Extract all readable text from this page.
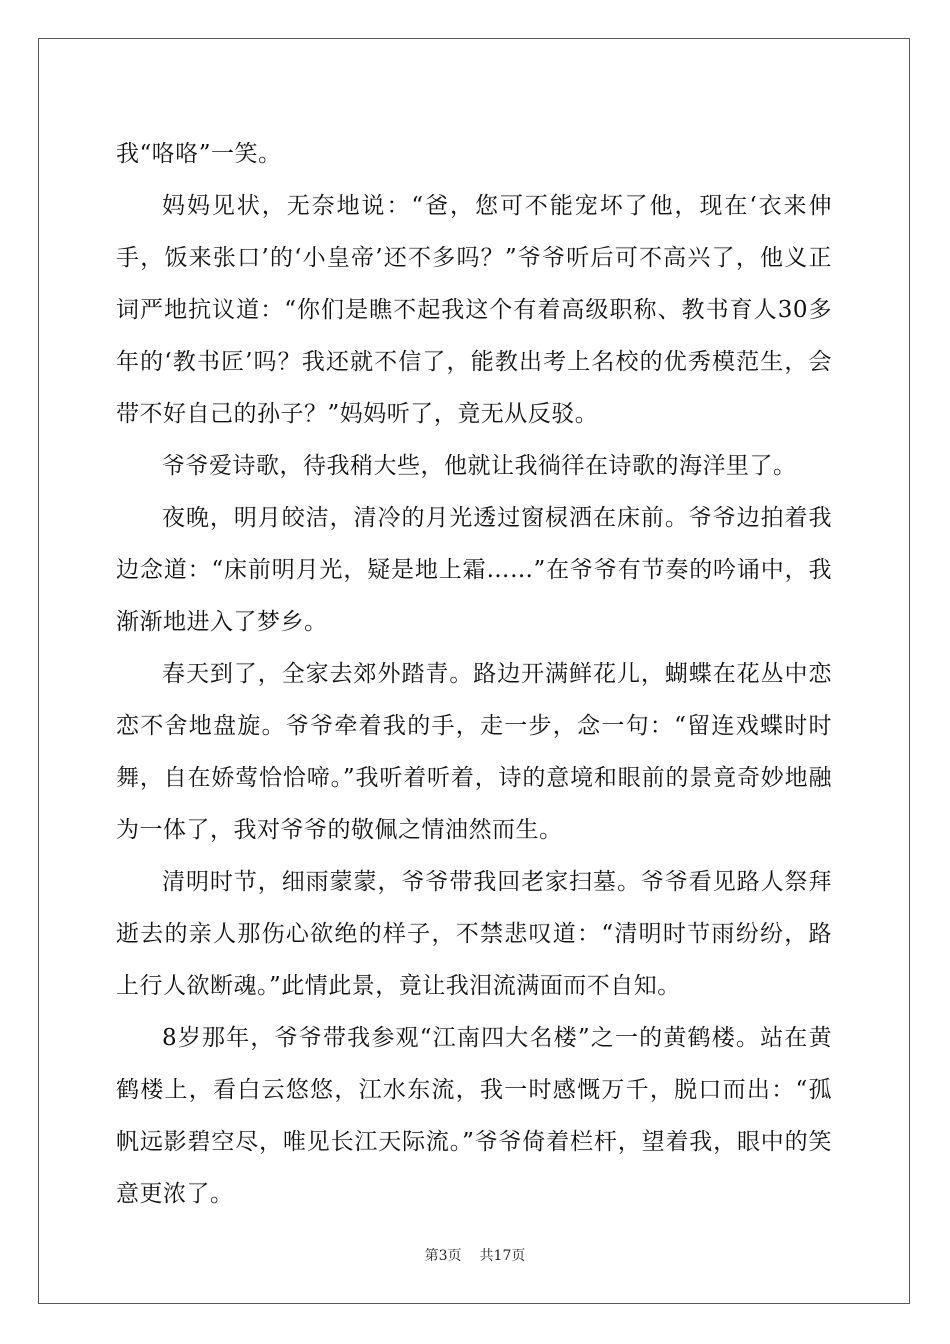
我“咯咯”一笑。

妈妈见状，无奈地说：“爸，您可不能宠坏了他，现在‘衣来伸手，饭来张口’的‘小皇帝’还不多吗？”爷爷听后可不高兴了，他义正词严地抗议道：“你们是瞧不起我这个有着高级职称、教书育人30多年的‘教书匠’吗？我还就不信了，能教出考上名校的优秀模范生，会带不好自己的孙子？”妈妈听了，竟无从反驳。

爷爷爱诗歌，待我稍大些，他就让我徜徉在诗歌的海洋里了。

夜晚，明月皎洁，清冷的月光透过窗棂洒在床前。爷爷边拍着我边念道：“床前明月光，疑是地上霜……”在爷爷有节奏的吟诵中，我渐渐地进入了梦乡。

春天到了，全家去郊外踏青。路边开满鲜花儿，蝴蝶在花丛中恋恋不舍地盘旋。爷爷牵着我的手，走一步，念一句：“留连戏蝶时时舞，自在娇莺恰恰啼。”我听着听着，诗的意境和眼前的景竟奇妙地融为一体了，我对爷爷的敬佩之情油然而生。

清明时节，细雨蒙蒙，爷爷带我回老家扫墓。爷爷看见路人祭拜逝去的亲人那伤心欲绝的样子，不禁悲叹道：“清明时节雨纷纷，路上行人欲断魂。”此情此景，竟让我泪流满面而不自知。

8岁那年，爷爷带我参观“江南四大名楼”之一的黄鹤楼。站在黄鹤楼上，看白云悠悠，江水东流，我一时感慨万千，脱口而出：“孤帆远影碧空尽，唯见长江天际流。”爷爷倚着栏杆，望着我，眼中的笑意更浓了。

第3页 共17页
